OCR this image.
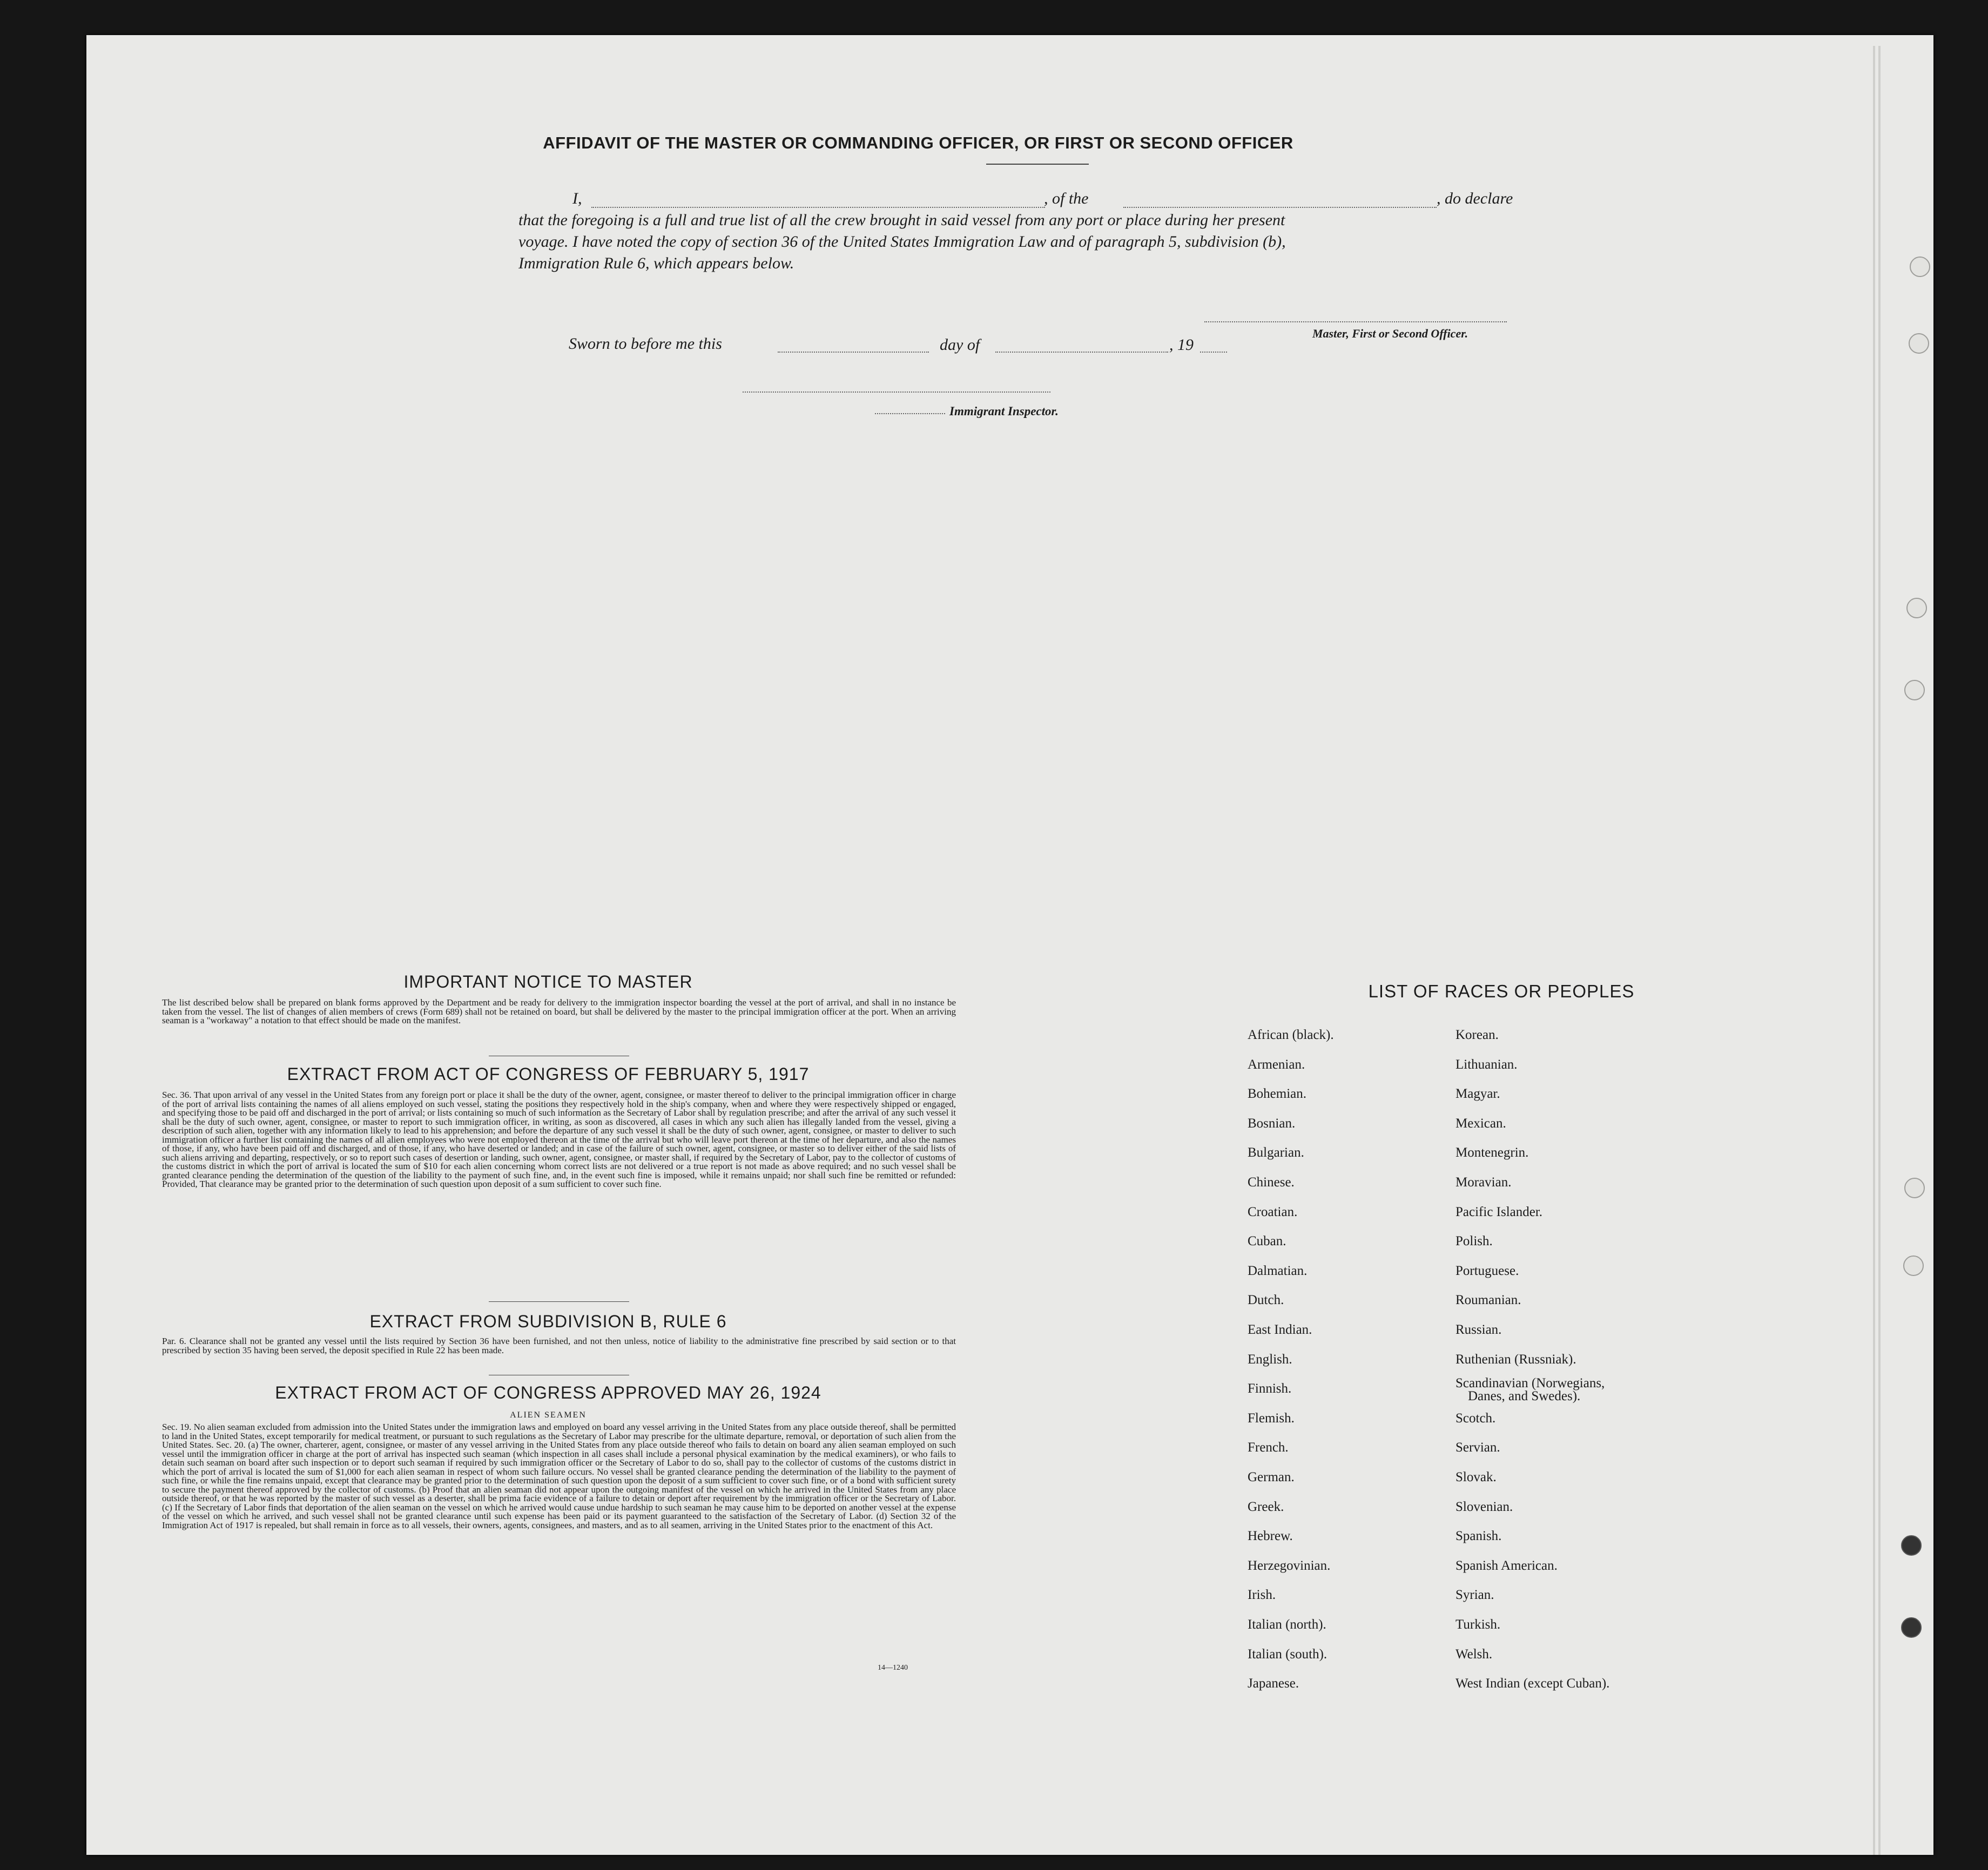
AFFIDAVIT OF THE MASTER OR COMMANDING OFFICER, OR FIRST OR SECOND OFFICER
I,	, of the	, do declare
that the foregoing is a full and true list of all the crew brought in said vessel from any port or place during her present
voyage. I have noted the copy of section 36 of the United States Immigration Law and of paragraph 5, subdivision (b),
Immigration Rule 6, which appears below.
Master, First or Second Officer.
Sworn to before me this	day of	, 19
Immigrant Inspector.
IMPORTANT NOTICE TO MASTER
The list described below shall be prepared on blank forms approved by the Department and be ready for delivery to the immigration inspector boarding the vessel at the port of arrival, and shall in no instance be taken from the vessel. The list of changes of alien members of crews (Form 689) shall not be retained on board, but shall be delivered by the master to the principal immigration officer at the port. When an arriving seaman is a "workaway" a notation to that effect should be made on the manifest.
EXTRACT FROM ACT OF CONGRESS OF FEBRUARY 5, 1917
Sec. 36. That upon arrival of any vessel in the United States from any foreign port or place it shall be the duty of the owner, agent, consignee, or master thereof to deliver to the principal immigration officer in charge of the port of arrival lists containing the names of all aliens employed on such vessel, stating the positions they respectively hold in the ship's company, when and where they were respectively shipped or engaged, and specifying those to be paid off and discharged in the port of arrival; or lists containing so much of such information as the Secretary of Labor shall by regulation prescribe; and after the arrival of any such vessel it shall be the duty of such owner, agent, consignee, or master to report to such immigration officer, in writing, as soon as discovered, all cases in which any such alien has illegally landed from the vessel, giving a description of such alien, together with any information likely to lead to his apprehension; and before the departure of any such vessel it shall be the duty of such owner, agent, consignee, or master to deliver to such immigration officer a further list containing the names of all alien employees who were not employed thereon at the time of the arrival but who will leave port thereon at the time of her departure, and also the names of those, if any, who have been paid off and discharged, and of those, if any, who have deserted or landed; and in case of the failure of such owner, agent, consignee, or master so to deliver either of the said lists of such aliens arriving and departing, respectively, or so to report such cases of desertion or landing, such owner, agent, consignee, or master shall, if required by the Secretary of Labor, pay to the collector of customs of the customs district in which the port of arrival is located the sum of $10 for each alien concerning whom correct lists are not delivered or a true report is not made as above required; and no such vessel shall be granted clearance pending the determination of the question of the liability to the payment of such fine, and, in the event such fine is imposed, while it remains unpaid; nor shall such fine be remitted or refunded: Provided, That clearance may be granted prior to the determination of such question upon deposit of a sum sufficient to cover such fine.
EXTRACT FROM SUBDIVISION B, RULE 6
Par. 6. Clearance shall not be granted any vessel until the lists required by Section 36 have been furnished, and not then unless, notice of liability to the administrative fine prescribed by said section or to that prescribed by section 35 having been served, the deposit specified in Rule 22 has been made.
EXTRACT FROM ACT OF CONGRESS APPROVED MAY 26, 1924
ALIEN SEAMEN
Sec. 19. No alien seaman excluded from admission into the United States under the immigration laws and employed on board any vessel arriving in the United States from any place outside thereof, shall be permitted to land in the United States, except temporarily for medical treatment, or pursuant to such regulations as the Secretary of Labor may prescribe for the ultimate departure, removal, or deportation of such alien from the United States. Sec. 20. (a) The owner, charterer, agent, consignee, or master of any vessel arriving in the United States from any place outside thereof who fails to detain on board any alien seaman employed on such vessel until the immigration officer in charge at the port of arrival has inspected such seaman (which inspection in all cases shall include a personal physical examination by the medical examiners), or who fails to detain such seaman on board after such inspection or to deport such seaman if required by such immigration officer or the Secretary of Labor to do so, shall pay to the collector of customs of the customs district in which the port of arrival is located the sum of $1,000 for each alien seaman in respect of whom such failure occurs. No vessel shall be granted clearance pending the determination of the liability to the payment of such fine, or while the fine remains unpaid, except that clearance may be granted prior to the determination of such question upon the deposit of a sum sufficient to cover such fine, or of a bond with sufficient surety to secure the payment thereof approved by the collector of customs. (b) Proof that an alien seaman did not appear upon the outgoing manifest of the vessel on which he arrived in the United States from any place outside thereof, or that he was reported by the master of such vessel as a deserter, shall be prima facie evidence of a failure to detain or deport after requirement by the immigration officer or the Secretary of Labor. (c) If the Secretary of Labor finds that deportation of the alien seaman on the vessel on which he arrived would cause undue hardship to such seaman he may cause him to be deported on another vessel at the expense of the vessel on which he arrived, and such vessel shall not be granted clearance until such expense has been paid or its payment guaranteed to the satisfaction of the Secretary of Labor. (d) Section 32 of the Immigration Act of 1917 is repealed, but shall remain in force as to all vessels, their owners, agents, consignees, and masters, and as to all seamen, arriving in the United States prior to the enactment of this Act.
14—1240
LIST OF RACES OR PEOPLES
African (black).
Armenian.
Bohemian.
Bosnian.
Bulgarian.
Chinese.
Croatian.
Cuban.
Dalmatian.
Dutch.
East Indian.
English.
Finnish.
Flemish.
French.
German.
Greek.
Hebrew.
Herzegovinian.
Irish.
Italian (north).
Italian (south).
Japanese.
Korean.
Lithuanian.
Magyar.
Mexican.
Montenegrin.
Moravian.
Pacific Islander.
Polish.
Portuguese.
Roumanian.
Russian.
Ruthenian (Russniak).
Scandinavian (Norwegians,
Danes, and Swedes).
Scotch.
Servian.
Slovak.
Slovenian.
Spanish.
Spanish American.
Syrian.
Turkish.
Welsh.
West Indian (except Cuban).
